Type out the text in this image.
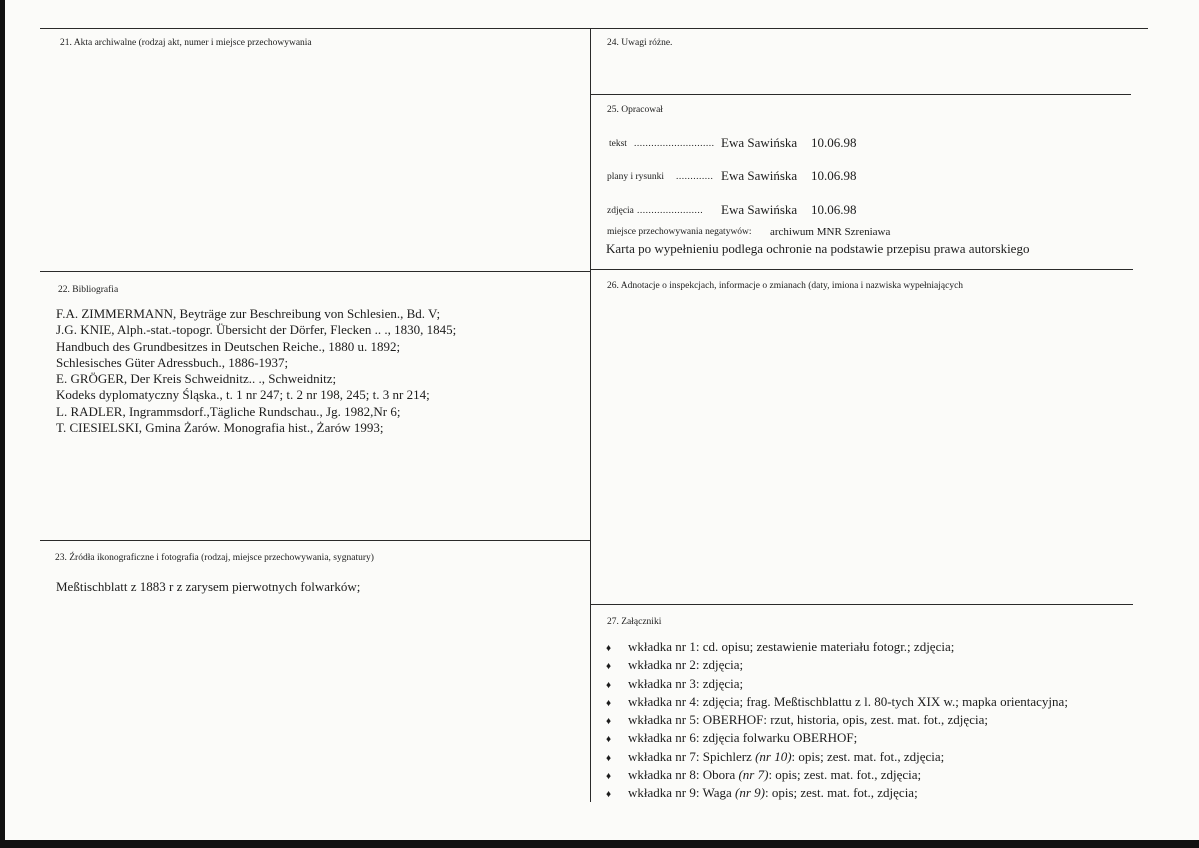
21. Akta archiwalne (rodzaj akt, numer i miejsce przechowywania	24. Uwagi różne.
25. Opracował
tekst ............................ Ewa Sawińska 10.06.98
plany i rysunki ............. Ewa Sawińska 10.06.98
zdjęcia ....................... Ewa Sawińska 10.06.98
miejsce przechowywania negatywów: archiwum MNR Szreniawa
Karta po wypełnieniu podlega ochronie na podstawie przepisu prawa autorskiego
22. Bibliografia
F.A. ZIMMERMANN, Beyträge zur Beschreibung von Schlesien., Bd. V;
J.G. KNIE, Alph.-stat.-topogr. Übersicht der Dörfer, Flecken .. ., 1830, 1845;
Handbuch des Grundbesitzes in Deutschen Reiche., 1880 u. 1892;
Schlesisches Güter Adressbuch., 1886-1937;
E. GRÖGER, Der Kreis Schweidnitz.. ., Schweidnitz;
Kodeks dyplomatyczny Śląska., t. 1 nr 247; t. 2 nr 198, 245; t. 3 nr 214;
L. RADLER, Ingrammsdorf.,Tägliche Rundschau., Jg. 1982,Nr 6;
T. CIESIELSKI, Gmina Żarów. Monografia hist., Żarów 1993;
26. Adnotacje o inspekcjach, informacje o zmianach (daty, imiona i nazwiska wypełniających
23. Źródła ikonograficzne i fotografia (rodzaj, miejsce przechowywania, sygnatury)
Meßtischblatt z 1883 r z zarysem pierwotnych folwarków;
27. Załączniki
♦	wkładka nr 1: cd. opisu; zestawienie materiału fotogr.; zdjęcia;
♦	wkładka nr 2: zdjęcia;
♦	wkładka nr 3: zdjęcia;
♦	wkładka nr 4: zdjęcia; frag. Meßtischblattu z l. 80-tych XIX w.; mapka orientacyjna;
♦	wkładka nr 5: OBERHOF: rzut, historia, opis, zest. mat. fot., zdjęcia;
♦	wkładka nr 6: zdjęcia folwarku OBERHOF;
♦	wkładka nr 7: Spichlerz (nr 10) : opis; zest. mat. fot., zdjęcia;
♦	wkładka nr 8: Obora (nr 7) : opis; zest. mat. fot., zdjęcia;
♦	wkładka nr 9: Waga (nr 9) : opis; zest. mat. fot., zdjęcia;
